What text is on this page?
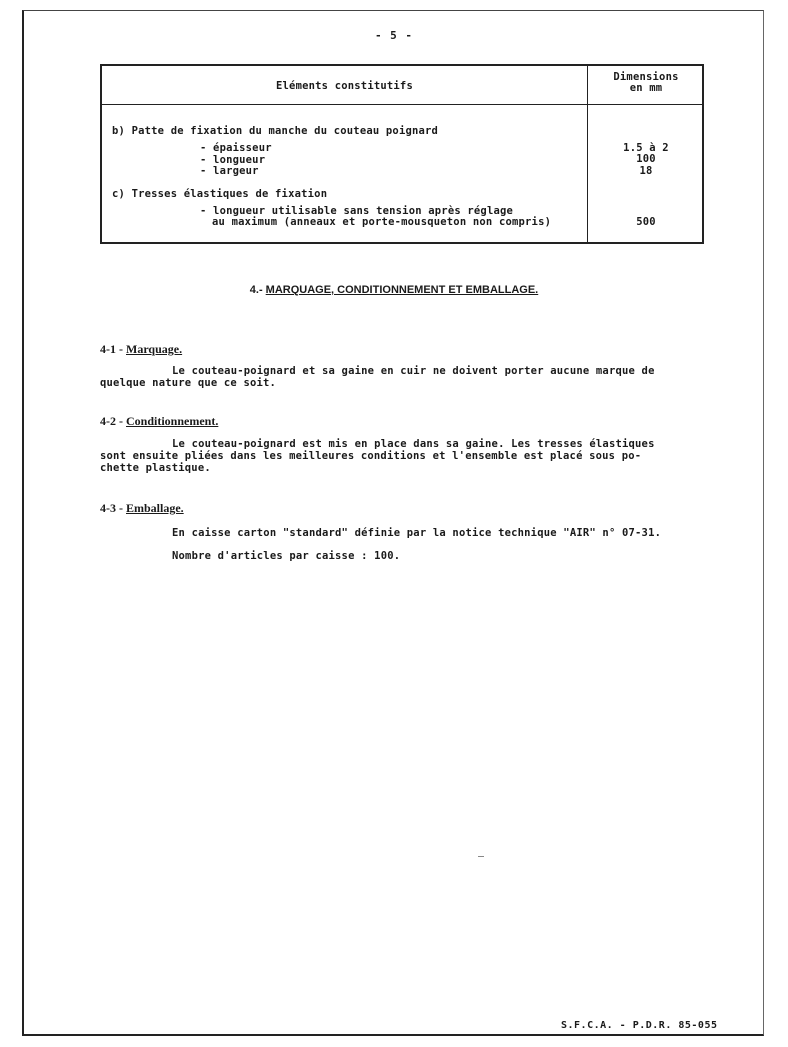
- 5 -
Eléments constitutifs
Dimensions
en mm
b) Patte de fixation du manche du couteau poignard
- épaisseur	1.5 à 2
- longueur	100
- largeur	18
c) Tresses élastiques de fixation
- longueur utilisable sans tension après réglage
au maximum (anneaux et porte-mousqueton non compris)	500
4.- MARQUAGE, CONDITIONNEMENT ET EMBALLAGE.
4-1 - Marquage.
Le couteau-poignard et sa gaine en cuir ne doivent porter aucune marque de
quelque nature que ce soit.
4-2 - Conditionnement.
Le couteau-poignard est mis en place dans sa gaine. Les tresses élastiques
sont ensuite pliées dans les meilleures conditions et l'ensemble est placé sous po-
chette plastique.
4-3 - Emballage.
En caisse carton "standard" définie par la notice technique "AIR" n° 07-31.
Nombre d'articles par caisse : 100.
S.F.C.A. - P.D.R. 85-055
